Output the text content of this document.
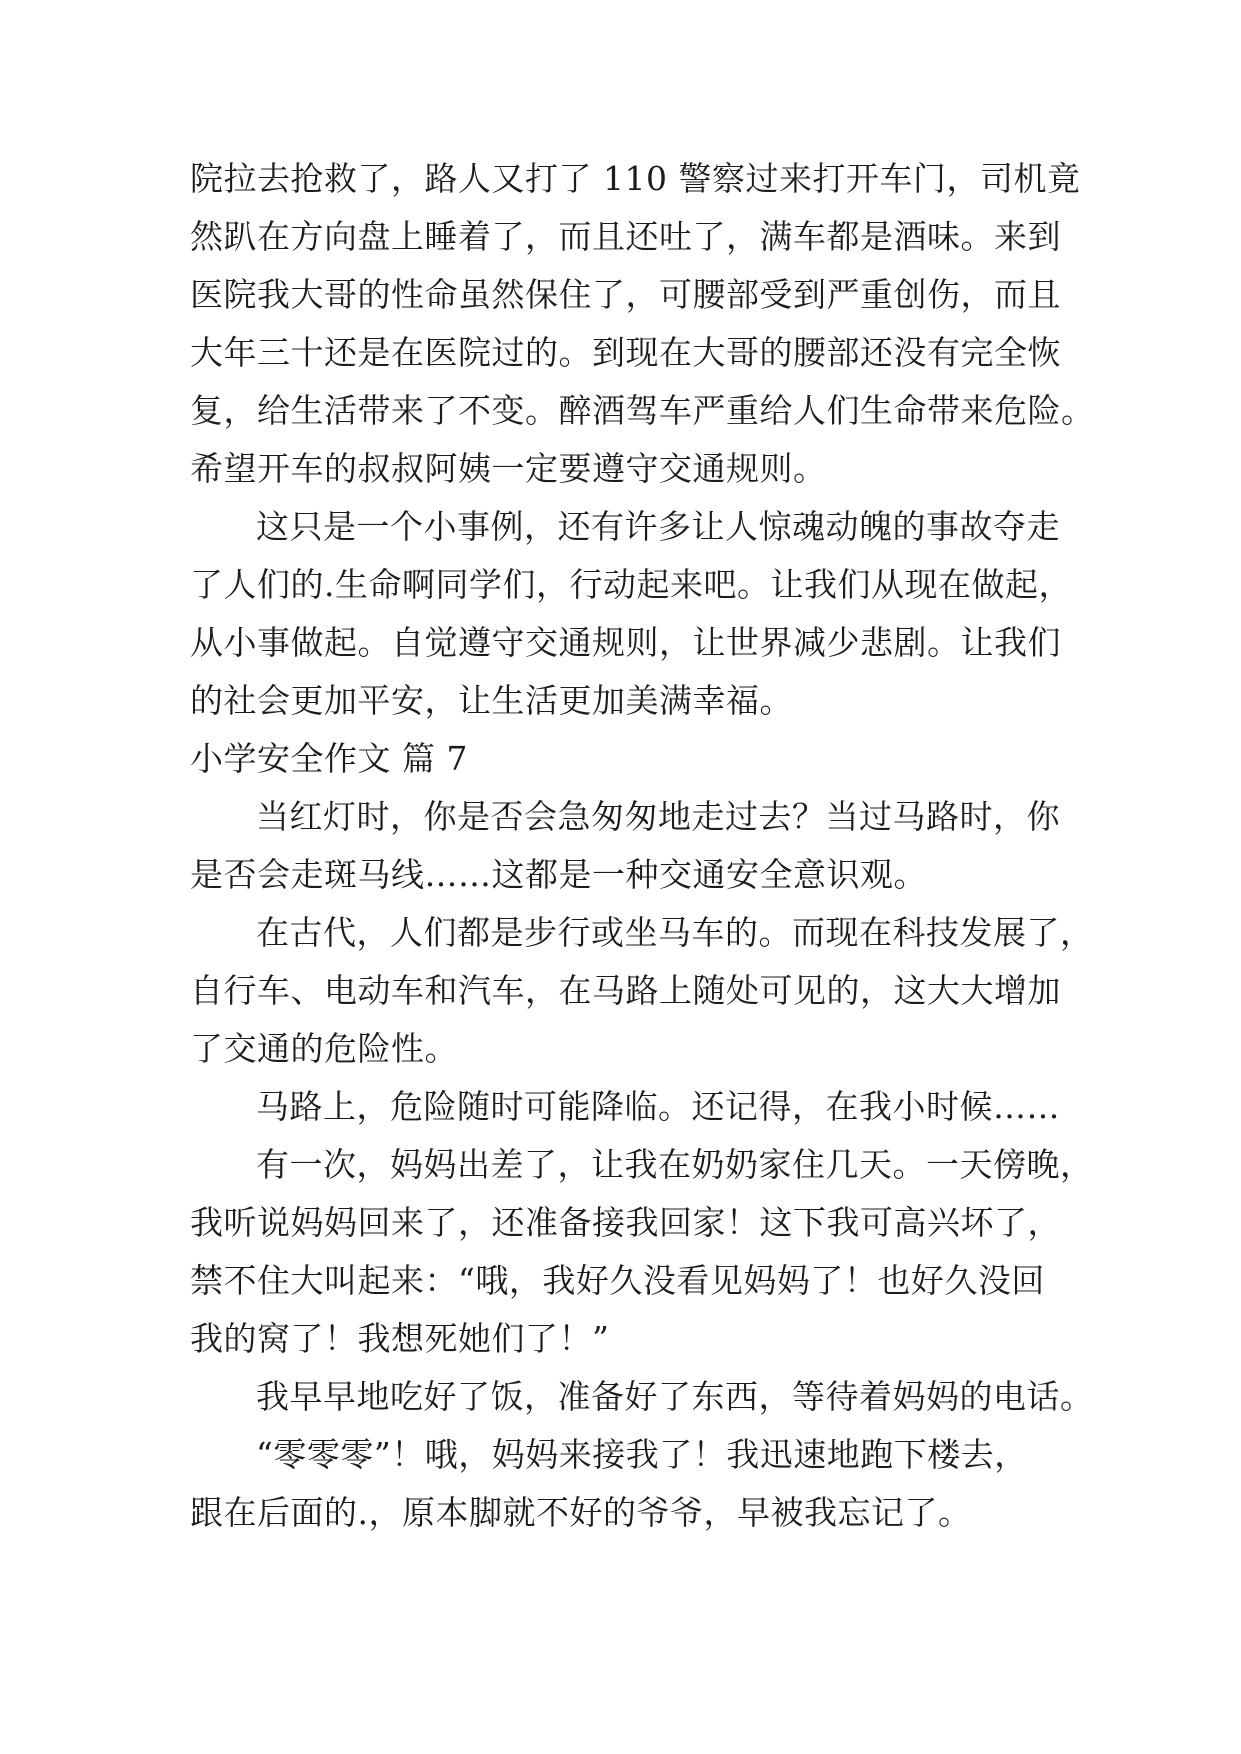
院拉去抢救了，路人又打了 110 警察过来打开车门，司机竟
然趴在方向盘上睡着了，而且还吐了，满车都是酒味。来到
医院我大哥的性命虽然保住了，可腰部受到严重创伤，而且
大年三十还是在医院过的。到现在大哥的腰部还没有完全恢
复，给生活带来了不变。醉酒驾车严重给人们生命带来危险。
希望开车的叔叔阿姨一定要遵守交通规则。
这只是一个小事例，还有许多让人惊魂动魄的事故夺走
了人们的.生命啊同学们，行动起来吧。让我们从现在做起，
从小事做起。自觉遵守交通规则，让世界减少悲剧。让我们
的社会更加平安，让生活更加美满幸福。
小学安全作文 篇 7
当红灯时，你是否会急匆匆地走过去？当过马路时，你
是否会走斑马线……这都是一种交通安全意识观。
在古代，人们都是步行或坐马车的。而现在科技发展了，
自行车、电动车和汽车，在马路上随处可见的，这大大增加
了交通的危险性。
马路上，危险随时可能降临。还记得，在我小时候……
有一次，妈妈出差了，让我在奶奶家住几天。一天傍晚，
我听说妈妈回来了，还准备接我回家！这下我可高兴坏了，
禁不住大叫起来：“哦，我好久没看见妈妈了！也好久没回
我的窝了！我想死她们了！”
我早早地吃好了饭，准备好了东西，等待着妈妈的电话。
“零零零”！哦，妈妈来接我了！我迅速地跑下楼去，
跟在后面的.，原本脚就不好的爷爷，早被我忘记了。
